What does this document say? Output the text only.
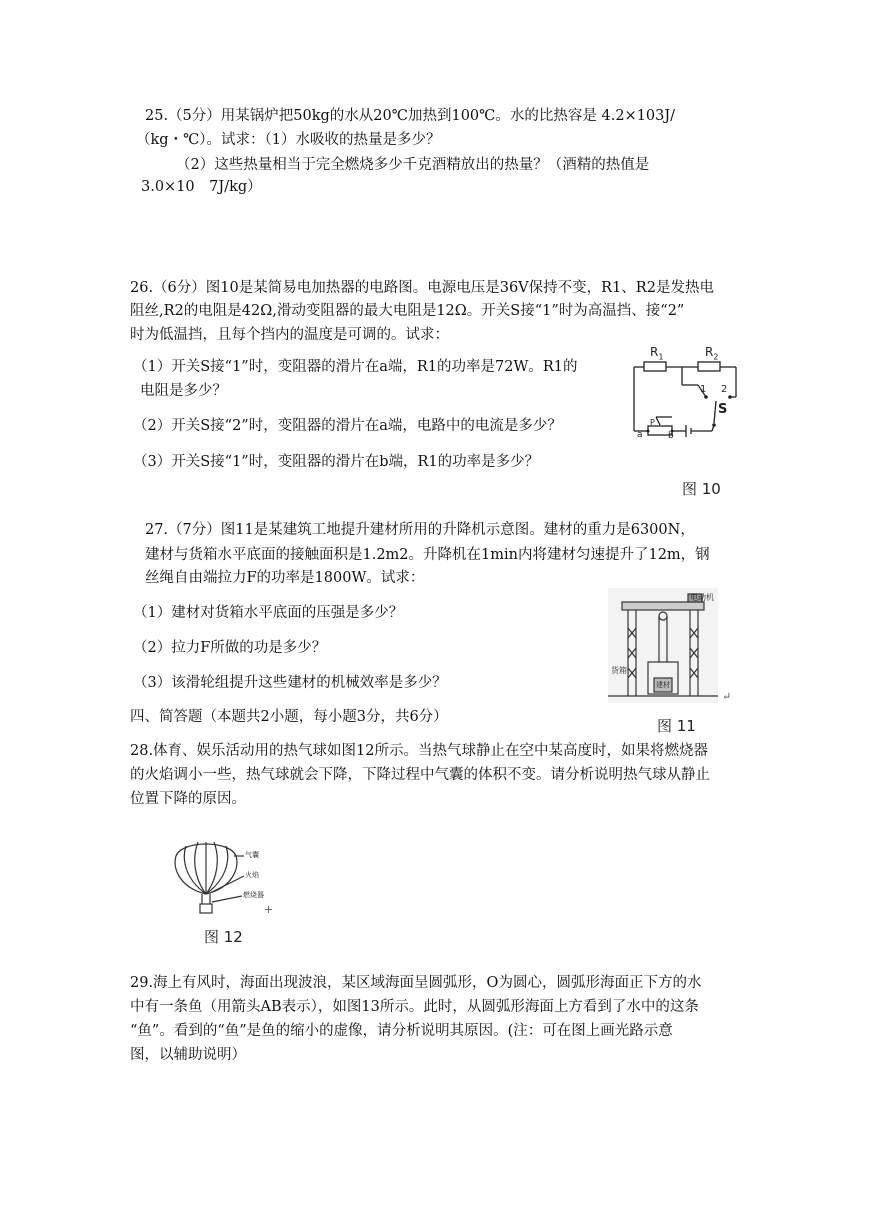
25.（5分）用某锅炉把50kg的水从20℃加热到100℃。水的比热容是 4.2×103J/
（kg・℃）。试求：（1）水吸收的热量是多少？
（2）这些热量相当于完全燃烧多少千克酒精放出的热量？（酒精的热值是
3.0×10　7J/kg）
26.（6分）图10是某简易电加热器的电路图。电源电压是36V保持不变，R1、R2是发热电
阻丝,R2的电阻是42Ω,滑动变阻器的最大电阻是12Ω。开关S接“1”时为高温挡、接“2”
时为低温挡，且每个挡内的温度是可调的。试求：
（1）开关S接“1”时，变阻器的滑片在a端，R1的功率是72W。R1的
电阻是多少？
（2）开关S接“2”时，变阻器的滑片在a端，电路中的电流是多少？
（3）开关S接“1”时，变阻器的滑片在b端，R1的功率是多少？
$R_1$	$R_2$
1 2
S
P
a	b
图 10
27.（7分）图11是某建筑工地提升建材所用的升降机示意图。建材的重力是6300N，
建材与货箱水平底面的接触面积是1.2m2。升降机在1min内将建材匀速提升了12m，钢
丝绳自由端拉力F的功率是1800W。试求：
（1）建材对货箱水平底面的压强是多少？
（2）拉力F所做的功是多少？
（3）该滑轮组提升这些建材的机械效率是多少？
电动机
货箱
建材
↵
图 11
四、简答题（本题共2小题，每小题3分，共6分）
28.体育、娱乐活动用的热气球如图12所示。当热气球静止在空中某高度时，如果将燃烧器
的火焰调小一些，热气球就会下降，下降过程中气囊的体积不变。请分析说明热气球从静止
位置下降的原因。
气囊
火焰
燃烧器
+
图 12
29.海上有风时，海面出现波浪，某区域海面呈圆弧形，O为圆心，圆弧形海面正下方的水
中有一条鱼（用箭头AB表示），如图13所示。此时，从圆弧形海面上方看到了水中的这条
“鱼”。看到的“鱼”是鱼的缩小的虚像，请分析说明其原因。(注：可在图上画光路示意
图，以辅助说明）
